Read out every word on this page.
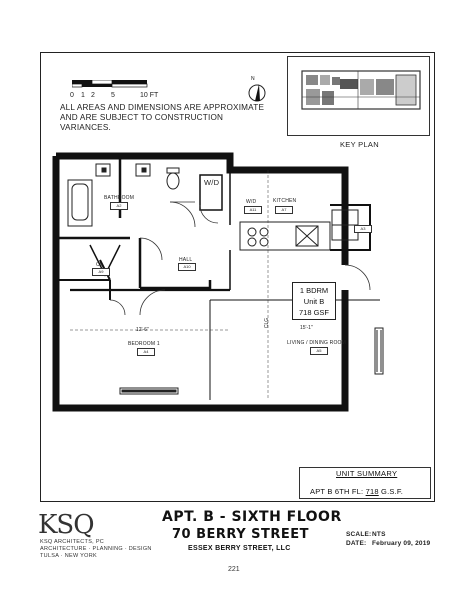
0 1 2 5	10 FT
N
ALL AREAS AND DIMENSIONS ARE APPROXIMATE AND ARE SUBJECT TO CONSTRUCTION VARIANCES.
KEY PLAN
BATHROOM
A2
W/D
W/D
A11
KITCHEN
A7
A3
HALL
A10
CL
A9
BEDROOM 1
A4
LIVING / DINING ROOM
A5
12'-6"	15'-1"
CLG
1 BDRM
Unit B
718 GSF
UNIT SUMMARY
APT B 6TH FL: 718 G.S.F.
KSQ
KSQ ARCHITECTS, PC
ARCHITECTURE · PLANNING · DESIGN
TULSA · NEW YORK
APT. B - SIXTH FLOOR
70 BERRY STREET
ESSEX BERRY STREET, LLC
SCALE: NTS
DATE: February 09, 2019
221
